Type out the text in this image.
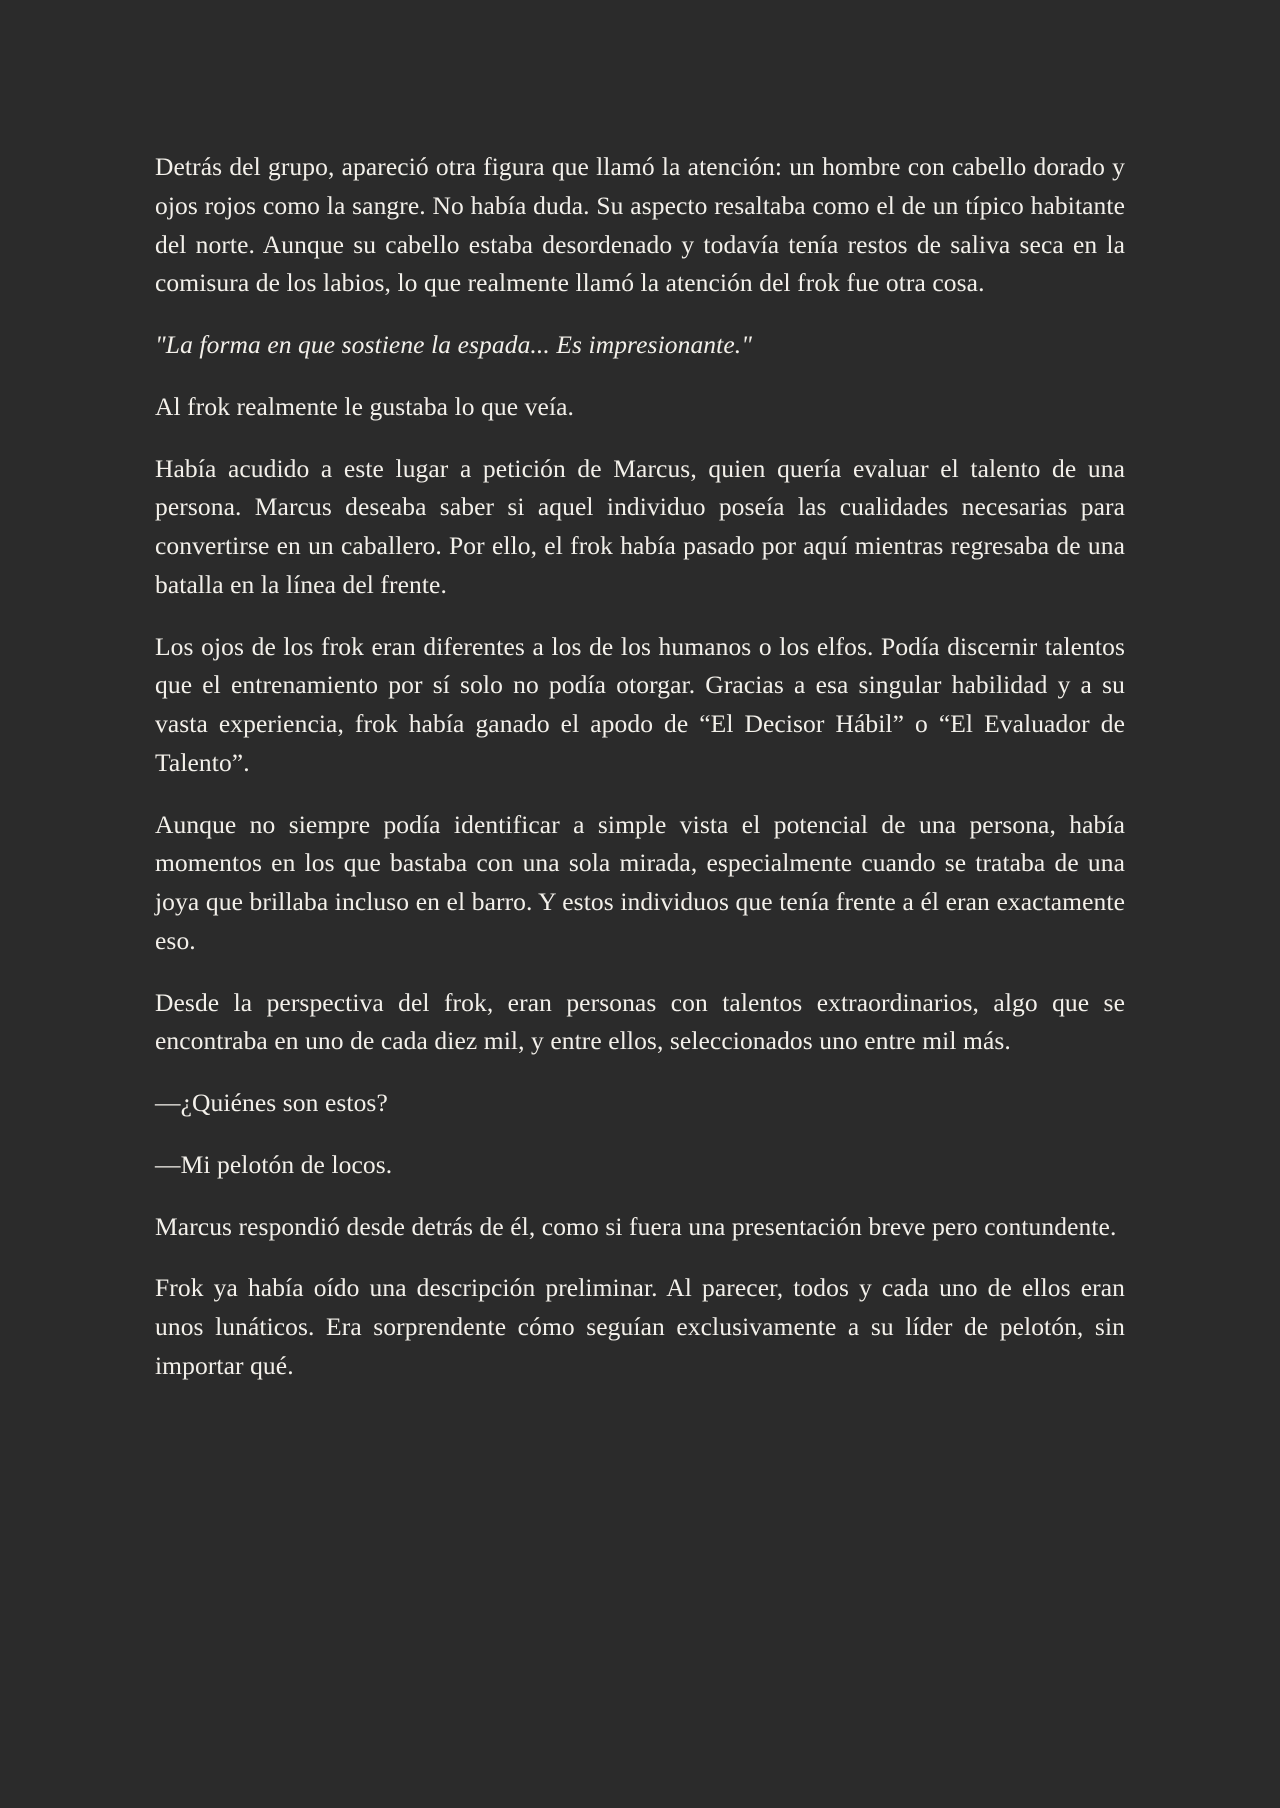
Detrás del grupo, apareció otra figura que llamó la atención: un hombre con cabello dorado y ojos rojos como la sangre. No había duda. Su aspecto resaltaba como el de un típico habitante del norte. Aunque su cabello estaba desordenado y todavía tenía restos de saliva seca en la comisura de los labios, lo que realmente llamó la atención del frok fue otra cosa.

"La forma en que sostiene la espada... Es impresionante."

Al frok realmente le gustaba lo que veía.

Había acudido a este lugar a petición de Marcus, quien quería evaluar el talento de una persona. Marcus deseaba saber si aquel individuo poseía las cualidades necesarias para convertirse en un caballero. Por ello, el frok había pasado por aquí mientras regresaba de una batalla en la línea del frente.

Los ojos de los frok eran diferentes a los de los humanos o los elfos. Podía discernir talentos que el entrenamiento por sí solo no podía otorgar. Gracias a esa singular habilidad y a su vasta experiencia, frok había ganado el apodo de “El Decisor Hábil” o “El Evaluador de Talento”.

Aunque no siempre podía identificar a simple vista el potencial de una persona, había momentos en los que bastaba con una sola mirada, especialmente cuando se trataba de una joya que brillaba incluso en el barro. Y estos individuos que tenía frente a él eran exactamente eso.

Desde la perspectiva del frok, eran personas con talentos extraordinarios, algo que se encontraba en uno de cada diez mil, y entre ellos, seleccionados uno entre mil más.

—¿Quiénes son estos?

—Mi pelotón de locos.

Marcus respondió desde detrás de él, como si fuera una presentación breve pero contundente.

Frok ya había oído una descripción preliminar. Al parecer, todos y cada uno de ellos eran unos lunáticos. Era sorprendente cómo seguían exclusivamente a su líder de pelotón, sin importar qué.
